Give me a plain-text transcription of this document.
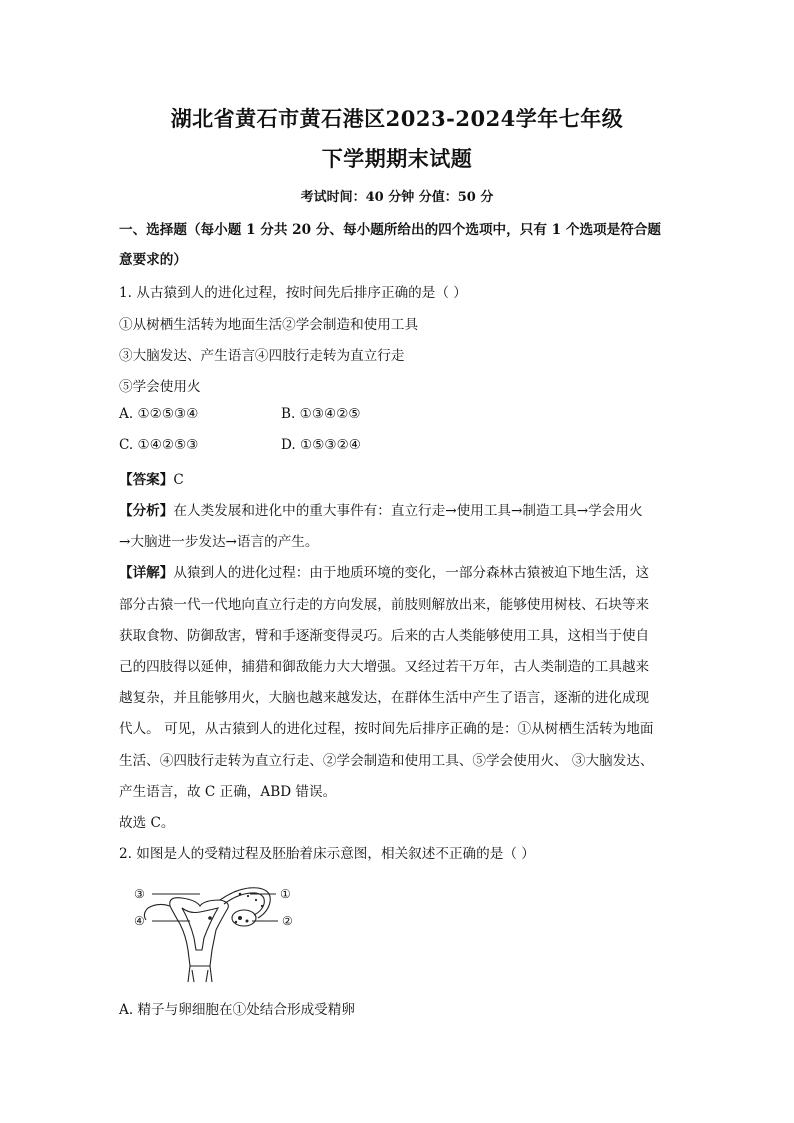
湖北省黄石市黄石港区2023-2024学年七年级
下学期期末试题
考试时间：40 分钟 分值：50 分
一、选择题（每小题 1 分共 20 分、每小题所给出的四个选项中，只有 1 个选项是符合题
意要求的）
1. 从古猿到人的进化过程，按时间先后排序正确的是（ ）
①从树栖生活转为地面生活②学会制造和使用工具
③大脑发达、产生语言④四肢行走转为直立行走
⑤学会使用火
A. ①②⑤③④	B. ①③④②⑤
C. ①④②⑤③	D. ①⑤③②④
【答案】C
【分析】在人类发展和进化中的重大事件有：直立行走→使用工具→制造工具→学会用火
→大脑进一步发达→语言的产生。
【详解】从猿到人的进化过程：由于地质环境的变化，一部分森林古猿被迫下地生活，这
部分古猿一代一代地向直立行走的方向发展，前肢则解放出来，能够使用树枝、石块等来
获取食物、防御敌害，臂和手逐渐变得灵巧。后来的古人类能够使用工具，这相当于使自
己的四肢得以延伸，捕猎和御敌能力大大增强。又经过若干万年，古人类制造的工具越来
越复杂，并且能够用火，大脑也越来越发达，在群体生活中产生了语言，逐渐的进化成现
代人。 可见，从古猿到人的进化过程，按时间先后排序正确的是：①从树栖生活转为地面
生活、④四肢行走转为直立行走、②学会制造和使用工具、⑤学会使用火、 ③大脑发达、
产生语言，故 C 正确，ABD 错误。
故选 C。
2. 如图是人的受精过程及胚胎着床示意图，相关叙述不正确的是（ ）
③	①
④	②
A. 精子与卵细胞在①处结合形成受精卵
